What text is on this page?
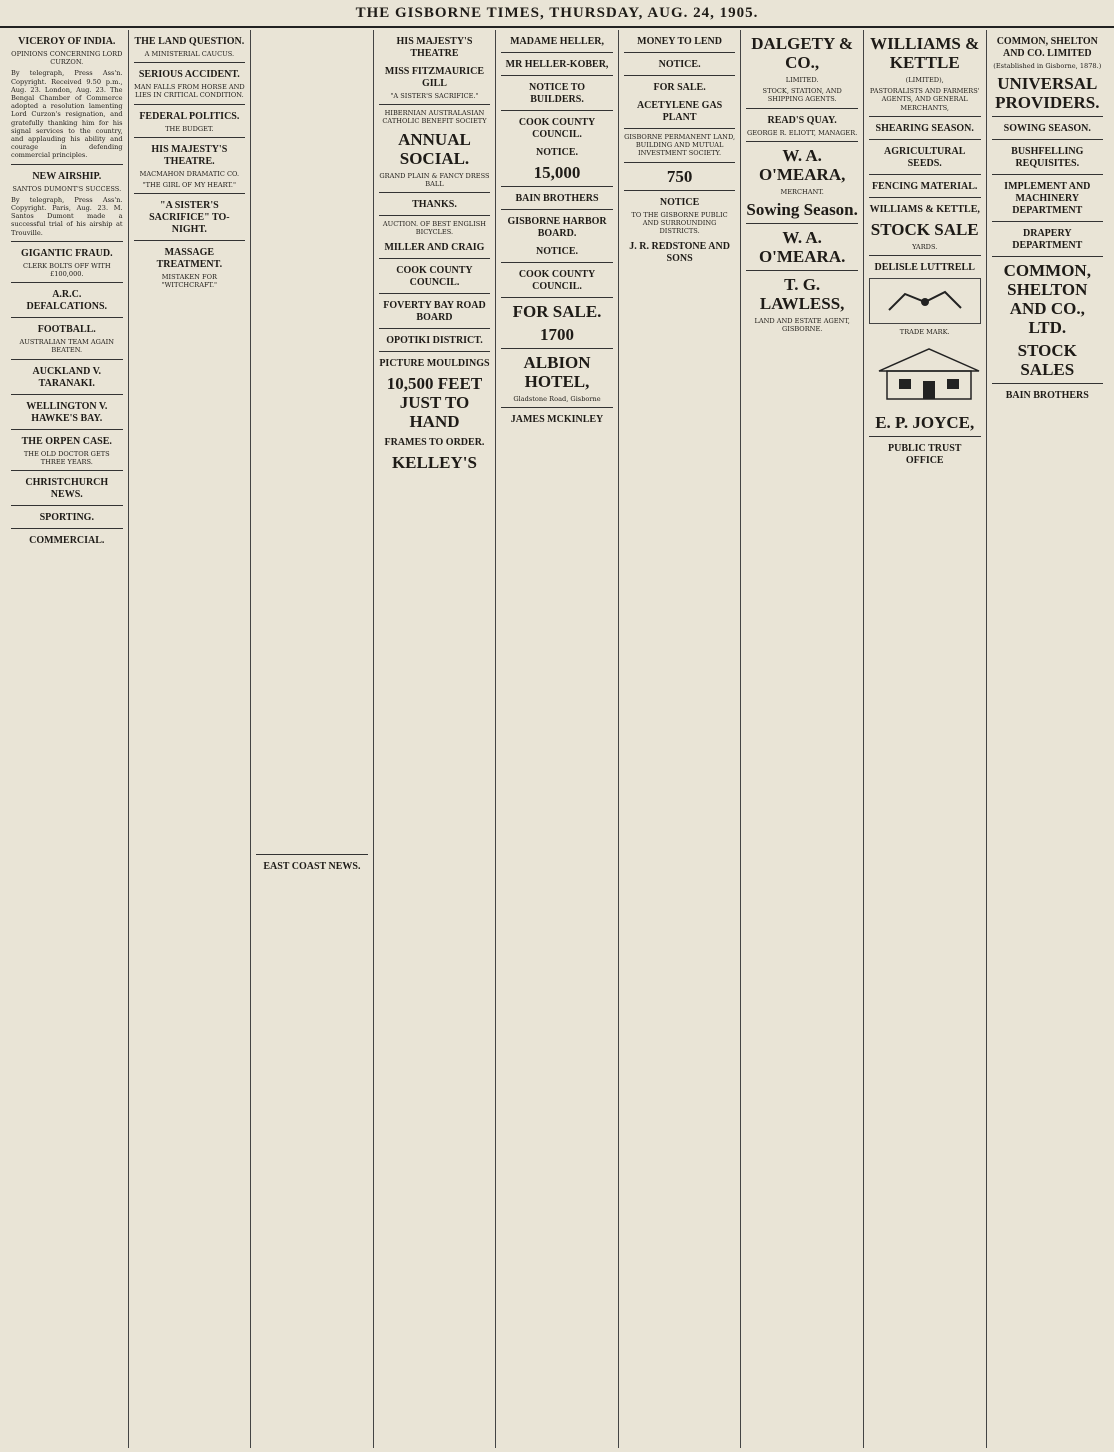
THE GISBORNE TIMES, THURSDAY, AUG. 24, 1905.
VICEROY OF INDIA.
OPINIONS CONCERNING LORD CURZON.
By telegraph, Press Ass'n. Copyright. Received 9.50 p.m., Aug. 23. London, Aug. 23. The Bengal Chamber of Commerce adopted a resolution lamenting Lord Curzon's resignation, and gratefully thanking him for his signal services to the country, and applauding his ability and courage in defending commercial principles.
NEW AIRSHIP.
SANTOS DUMONT'S SUCCESS.
By telegraph, Press Ass'n. Copyright. Paris, Aug. 23. M. Santos Dumont made a successful trial of his airship at Trouville.
GIGANTIC FRAUD.
CLERK BOLTS OFF WITH £100,000.
A.R.C. DEFALCATIONS.
FOOTBALL.
AUSTRALIAN TEAM AGAIN BEATEN.
AUCKLAND V. TARANAKI.
WELLINGTON V. HAWKE'S BAY.
THE ORPEN CASE.
THE OLD DOCTOR GETS THREE YEARS.
CHRISTCHURCH NEWS.
SPORTING.
COMMERCIAL.
THE LAND QUESTION.
A MINISTERIAL CAUCUS.
SERIOUS ACCIDENT.
MAN FALLS FROM HORSE AND LIES IN CRITICAL CONDITION.
FEDERAL POLITICS.
THE BUDGET.
HIS MAJESTY'S THEATRE.
MACMAHON DRAMATIC CO.
"THE GIRL OF MY HEART."
"A SISTER'S SACRIFICE" TO-NIGHT.
MASSAGE TREATMENT.
MISTAKEN FOR "WITCHCRAFT."
EAST COAST NEWS.
HIS MAJESTY'S THEATRE
MISS FITZMAURICE GILL
"A SISTER'S SACRIFICE."
HIBERNIAN AUSTRALASIAN CATHOLIC BENEFIT SOCIETY
ANNUAL SOCIAL.
GRAND PLAIN & FANCY DRESS BALL
THANKS.
AUCTION. OF BEST ENGLISH BICYCLES.
MILLER AND CRAIG
COOK COUNTY COUNCIL.
FOVERTY BAY ROAD BOARD
OPOTIKI DISTRICT.
PICTURE MOULDINGS
10,500 FEET JUST TO HAND
FRAMES TO ORDER.
KELLEY'S
MADAME HELLER,
MR HELLER-KOBER,
NOTICE TO BUILDERS.
COOK COUNTY COUNCIL.
NOTICE.
15,000
BAIN BROTHERS
GISBORNE HARBOR BOARD.
NOTICE.
COOK COUNTY COUNCIL.
FOR SALE.
1700
ALBION HOTEL,
Gladstone Road, Gisborne
JAMES MCKINLEY
MONEY TO LEND
NOTICE.
FOR SALE.
ACETYLENE GAS PLANT
GISBORNE PERMANENT LAND, BUILDING AND MUTUAL INVESTMENT SOCIETY.
750
NOTICE
TO THE GISBORNE PUBLIC AND SURROUNDING DISTRICTS.
J. R. REDSTONE AND SONS
DALGETY & CO.,
LIMITED.
STOCK, STATION, AND SHIPPING AGENTS.
READ'S QUAY.
GEORGE R. ELIOTT, MANAGER.
W. A. O'MEARA,
MERCHANT.
Sowing Season.
W. A. O'MEARA.
T. G. LAWLESS,
LAND AND ESTATE AGENT, GISBORNE.
WILLIAMS & KETTLE
(LIMITED),
PASTORALISTS AND FARMERS' AGENTS, AND GENERAL MERCHANTS,
SHEARING SEASON.
AGRICULTURAL SEEDS.
FENCING MATERIAL.
WILLIAMS & KETTLE,
STOCK SALE
YARDS.
DELISLE LUTTRELL
TRADE MARK.
E. P. JOYCE,
PUBLIC TRUST OFFICE
COMMON, SHELTON AND CO. LIMITED
(Established in Gisborne, 1878.)
UNIVERSAL PROVIDERS.
SOWING SEASON.
BUSHFELLING REQUISITES.
IMPLEMENT AND MACHINERY DEPARTMENT
DRAPERY DEPARTMENT
COMMON, SHELTON AND CO., LTD.
STOCK SALES
BAIN BROTHERS
